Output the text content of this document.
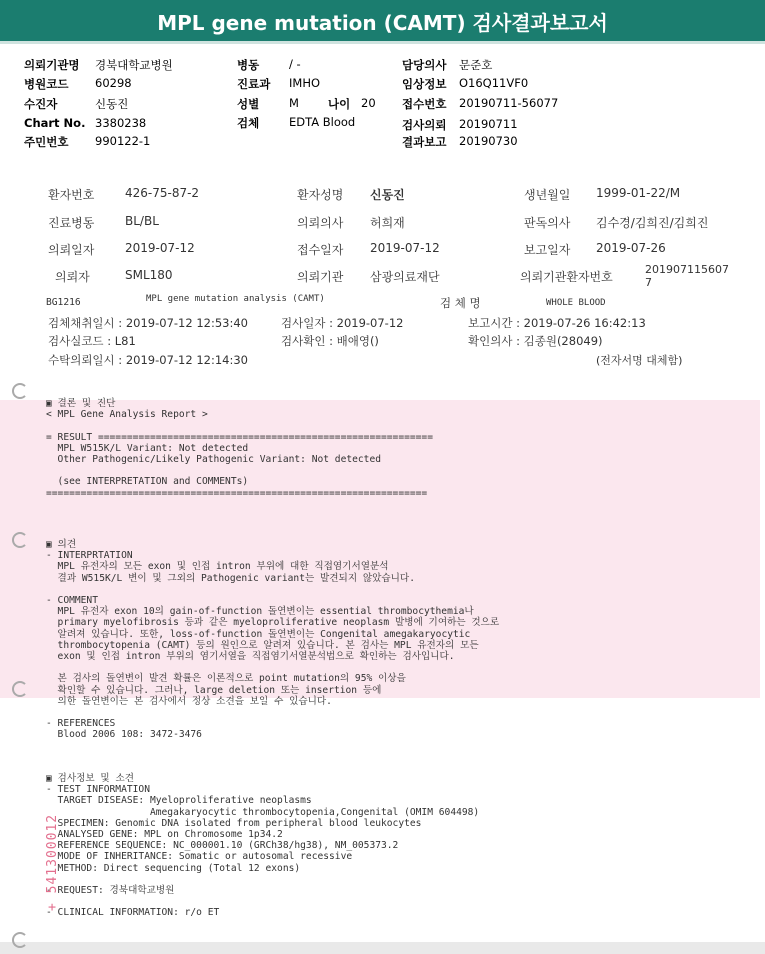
MPL gene mutation (CAMT) 검사결과보고서
의뢰기관명 경북대학교병원
병원코드 60298
수진자	신동진
Chart No. 3380238
주민번호 990122-1
병동	/ -
진료과 IMHO
성별	M	나이 20
검체	EDTA Blood
담당의사 문준호
임상정보 O16Q11VF0
접수번호 20190711-56077
검사의뢰 20190711
결과보고 20190730
환자번호	426-75-87-2	환자성명 신동진	생년월일 1999-01-22/M
진료병동	BL/BL	의뢰의사 허희재	판독의사 김수경/김희진/김희진
의뢰일자	2019-07-12	접수일자 2019-07-12	보고일자 2019-07-26
의뢰자	SML180	의뢰기관 삼광의료재단	의뢰기관환자번호
201907115607
7
BG1216	MPL gene mutation analysis (CAMT)	검 체 명	WHOLE BLOOD
검체채취일시 : 2019-07-12 12:53:40	검사일자 : 2019-07-12	보고시간 : 2019-07-26 16:42:13
검사실코드 : L81	검사확인 : 배애영()	확인의사 : 김종원(28049)
수탁의뢰일시 : 2019-07-12 12:14:30	(전자서명 대체함)
▣ 결론 및 진단
< MPL Gene Analysis Report >

= RESULT ==========================================================
MPL W515K/L Variant: Not detected
Other Pathogenic/Likely Pathogenic Variant: Not detected

(see INTERPRETATION and COMMENTs)
==================================================================
▣ 의견
- INTERPRTATION
MPL 유전자의 모든 exon 및 인접 intron 부위에 대한 직접염기서열분석
결과 W515K/L 변이 및 그외의 Pathogenic variant는 발견되지 않았습니다.

- COMMENT
MPL 유전자 exon 10의 gain-of-function 돌연변이는 essential thrombocythemia나
primary myelofibrosis 등과 같은 myeloproliferative neoplasm 발병에 기여하는 것으로
알려져 있습니다. 또한, loss-of-function 돌연변이는 Congenital amegakaryocytic
thrombocytopenia (CAMT) 등의 원인으로 알려져 있습니다. 본 검사는 MPL 유전자의 모든
exon 및 인접 intron 부위의 염기서열을 직접염기서열분석법으로 확인하는 검사입니다.

본 검사의 돌연변이 발견 확률은 이론적으로 point mutation의 95% 이상을
확인할 수 있습니다. 그러나, large deletion 또는 insertion 등에
의한 돌연변이는 본 검사에서 정상 소견을 보일 수 있습니다.

- REFERENCES
Blood 2006 108: 3472-3476
▣ 검사정보 및 소견
- TEST INFORMATION
TARGET DISEASE: Myeloproliferative neoplasms
Amegakaryocytic thrombocytopenia,Congenital (OMIM 604498)
SPECIMEN: Genomic DNA isolated from peripheral blood leukocytes
ANALYSED GENE: MPL on Chromosome 1p34.2
REFERENCE SEQUENCE: NC_000001.10 (GRCh38/hg38), NM_005373.2
MODE OF INHERITANCE: Somatic or autosomal recessive
METHOD: Direct sequencing (Total 12 exons)

- REQUEST: 경북대학교병원

- CLINICAL INFORMATION: r/o ET
+ 541300012
